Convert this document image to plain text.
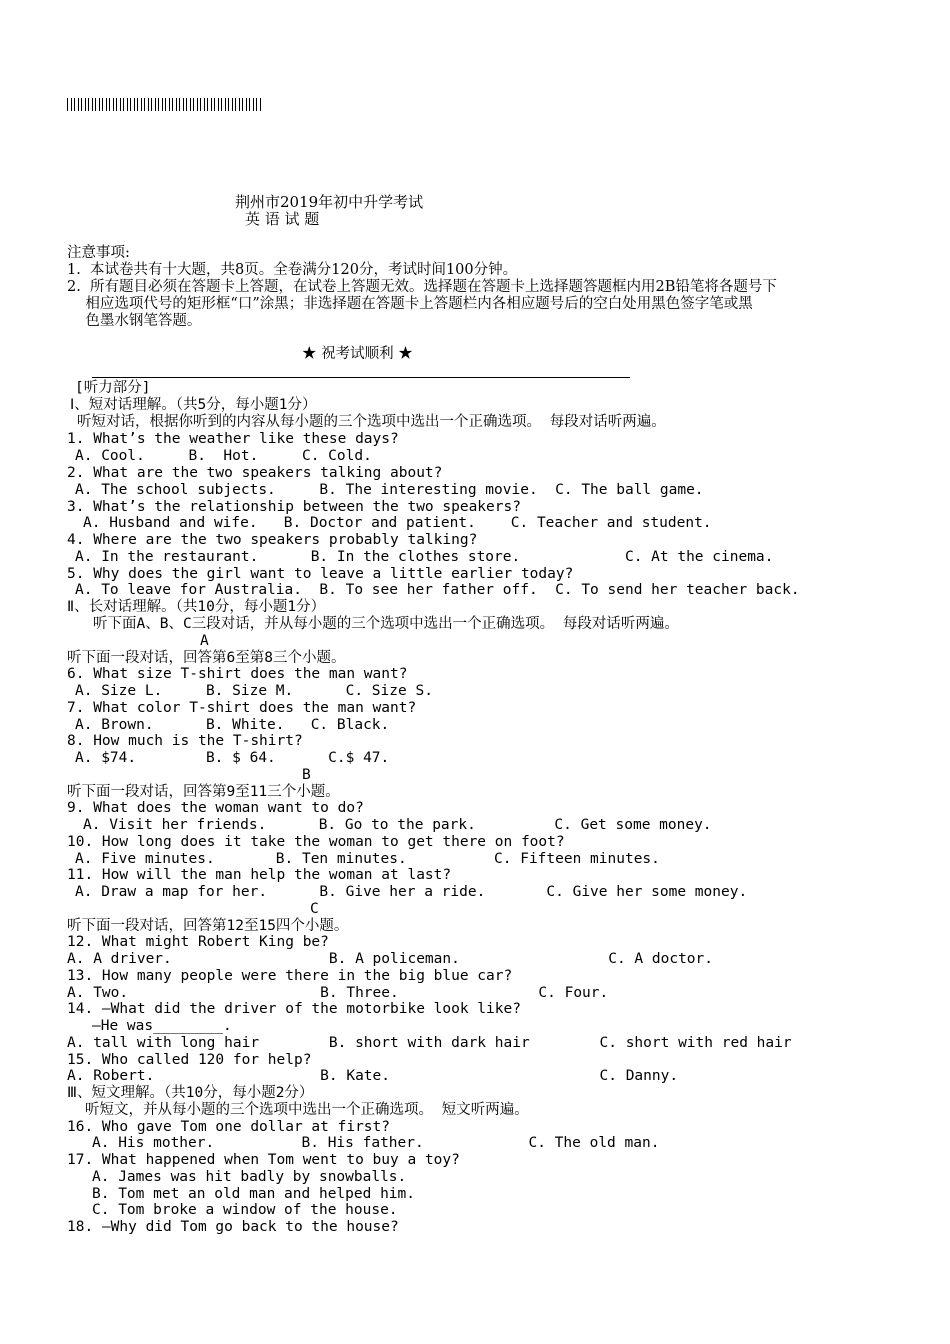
荆州市2019年初中升学考试
英 语 试 题
注意事项:
1.  本试卷共有十大题，共8页。全卷满分120分，考试时间100分钟。
2.  所有题目必须在答题卡上答题，在试卷上答题无效。选择题在答题卡上选择题答题框内用2B铅笔将各题号下
相应选项代号的矩形框“口”涂黑；非选择题在答题卡上答题栏内各相应题号后的空白处用黑色签字笔或黑
色墨水钢笔答题。
★ 祝考试顺利 ★
[听力部分]
Ⅰ、短对话理解。（共5分，每小题1分）
听短对话，根据你听到的内容从每小题的三个选项中选出一个正确选项。 每段对话听两遍。
1. What’s the weather like these days?
A. Cool.     B.  Hot.     C. Cold.
2. What are the two speakers talking about?
A. The school subjects.     B. The interesting movie.  C. The ball game.
3. What’s the relationship between the two speakers?
A. Husband and wife.   B. Doctor and patient.    C. Teacher and student.
4. Where are the two speakers probably talking?
A. In the restaurant.      B. In the clothes store.            C. At the cinema.
5. Why does the girl want to leave a little earlier today?
A. To leave for Australia.  B. To see her father off.  C. To send her teacher back.
Ⅱ、长对话理解。（共10分，每小题1分）
听下面A、B、C三段对话，并从每小题的三个选项中选出一个正确选项。 每段对话听两遍。
A
听下面一段对话，回答第6至第8三个小题。
6. What size T-shirt does the man want?
A. Size L.     B. Size M.      C. Size S.
7. What color T-shirt does the man want?
A. Brown.      B. White.   C. Black.
8. How much is the T-shirt?
A. $74.        B. $ 64.      C.$ 47.
B
听下面一段对话，回答第9至11三个小题。
9. What does the woman want to do?
A. Visit her friends.      B. Go to the park.         C. Get some money.
10. How long does it take the woman to get there on foot?
A. Five minutes.       B. Ten minutes.          C. Fifteen minutes.
11. How will the man help the woman at last?
A. Draw a map for her.      B. Give her a ride.       C. Give her some money.
C
听下面一段对话，回答第12至15四个小题。
12. What might Robert King be?
A. A driver.                  B. A policeman.                 C. A doctor.
13. How many people were there in the big blue car?
A. Two.                      B. Three.                C. Four.
14. —What did the driver of the motorbike look like?
—He was________.
A. tall with long hair        B. short with dark hair        C. short with red hair
15. Who called 120 for help?
A. Robert.                   B. Kate.                        C. Danny.
Ⅲ、短文理解。（共10分，每小题2分）
听短文，并从每小题的三个选项中选出一个正确选项。 短文听两遍。
16. Who gave Tom one dollar at first?
A. His mother.          B. His father.            C. The old man.
17. What happened when Tom went to buy a toy?
A. James was hit badly by snowballs.
B. Tom met an old man and helped him.
C. Tom broke a window of the house.
18. —Why did Tom go back to the house?
